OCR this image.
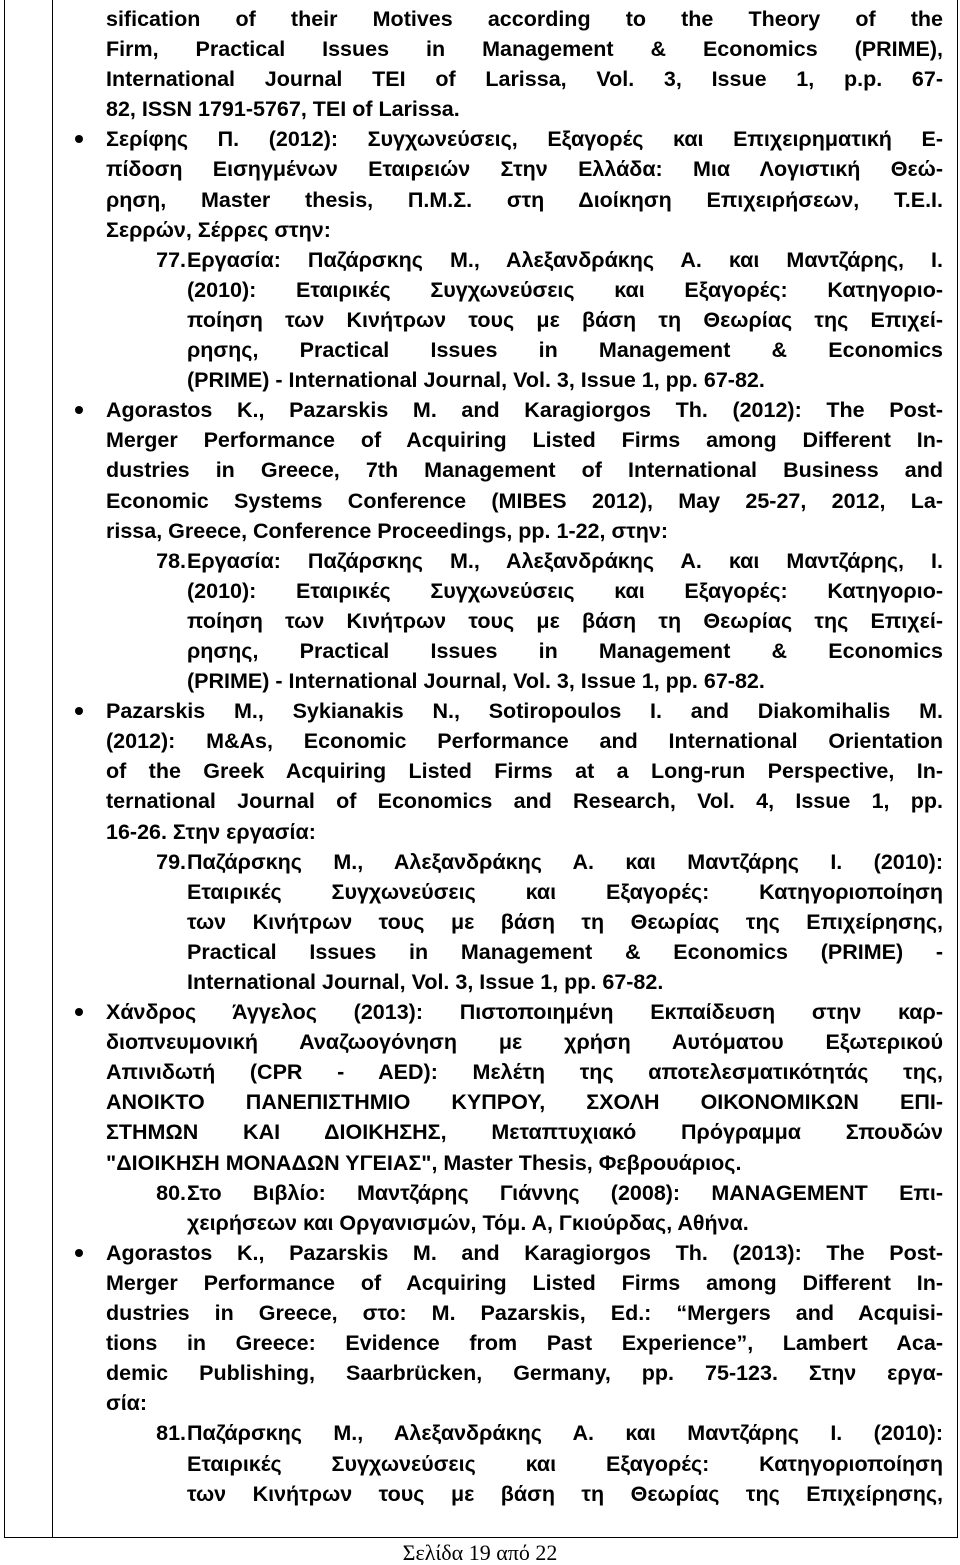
sification of their Motives according to the Theory of the
Firm, Practical Issues in Management & Economics (PRIME),
International Journal TEI of Larissa, Vol. 3, Issue 1, p.p. 67-
82, ISSN 1791-5767, TEI of Larissa.
Σερίφης Π. (2012): Συγχωνεύσεις, Εξαγορές και Επιχειρηματική Ε-
πίδοση Εισηγμένων Εταιρειών Στην Ελλάδα: Μια Λογιστική Θεώ-
ρηση, Master thesis, Π.Μ.Σ. στη Διοίκηση Επιχειρήσεων, Τ.Ε.Ι.
Σερρών, Σέρρες στην:
77. Εργασία: Παζάρσκης Μ., Αλεξανδράκης Α. και Μαντζάρης, Ι.
(2010): Εταιρικές Συγχωνεύσεις και Εξαγορές: Κατηγοριο-
ποίηση των Κινήτρων τους με βάση τη Θεωρίας της Επιχεί-
ρησης, Practical Issues in Management & Economics
(PRIME) - International Journal, Vol. 3, Issue 1, pp. 67-82.
Agorastos K., Pazarskis M. and Karagiorgos Th. (2012): The Post-
Merger Performance of Acquiring Listed Firms among Different In-
dustries in Greece, 7th Management of International Business and
Economic Systems Conference (MIBES 2012), May 25-27, 2012, La-
rissa, Greece, Conference Proceedings, pp. 1-22, στην:
78. Εργασία: Παζάρσκης Μ., Αλεξανδράκης Α. και Μαντζάρης, Ι.
(2010): Εταιρικές Συγχωνεύσεις και Εξαγορές: Κατηγοριο-
ποίηση των Κινήτρων τους με βάση τη Θεωρίας της Επιχεί-
ρησης, Practical Issues in Management & Economics
(PRIME) - International Journal, Vol. 3, Issue 1, pp. 67-82.
Pazarskis M., Sykianakis N., Sotiropoulos I. and Diakomihalis M.
(2012): M&As, Economic Performance and International Orientation
of the Greek Acquiring Listed Firms at a Long-run Perspective, In-
ternational Journal of Economics and Research, Vol. 4, Issue 1, pp.
16-26. Στην εργασία:
79. Παζάρσκης Μ., Αλεξανδράκης Α. και Μαντζάρης Ι. (2010):
Εταιρικές Συγχωνεύσεις και Εξαγορές: Κατηγοριοποίηση
των Κινήτρων τους με βάση τη Θεωρίας της Επιχείρησης,
Practical Issues in Management & Economics (PRIME) -
International Journal, Vol. 3, Issue 1, pp. 67-82.
Χάνδρος Άγγελος (2013): Πιστοποιημένη Εκπαίδευση στην καρ-
διοπνευμονική Αναζωογόνηση με χρήση Αυτόματου Εξωτερικού
Απινιδωτή (CPR - AED): Μελέτη της αποτελεσματικότητάς της,
ΑΝΟΙΚΤΟ ΠΑΝΕΠΙΣΤΗΜΙΟ ΚΥΠΡΟΥ, ΣΧΟΛΗ ΟΙΚΟΝΟΜΙΚΩΝ ΕΠΙ-
ΣΤΗΜΩΝ ΚΑΙ ΔΙΟΙΚΗΣΗΣ, Μεταπτυχιακό Πρόγραμμα Σπουδών
"ΔΙΟΙΚΗΣΗ ΜΟΝΑΔΩΝ ΥΓΕΙΑΣ", Master Thesis, Φεβρουάριος.
80. Στο Βιβλίο: Μαντζάρης Γιάννης (2008): MANAGEMENT Επι-
χειρήσεων και Οργανισμών, Τόμ. Α, Γκιούρδας, Αθήνα.
Agorastos K., Pazarskis M. and Karagiorgos Th. (2013): The Post-
Merger Performance of Acquiring Listed Firms among Different In-
dustries in Greece, στο: M. Pazarskis, Ed.: “Mergers and Acquisi-
tions in Greece: Evidence from Past Experience”, Lambert Aca-
demic Publishing, Saarbrücken, Germany, pp. 75-123. Στην εργα-
σία:
81. Παζάρσκης Μ., Αλεξανδράκης Α. και Μαντζάρης Ι. (2010):
Εταιρικές Συγχωνεύσεις και Εξαγορές: Κατηγοριοποίηση
των Κινήτρων τους με βάση τη Θεωρίας της Επιχείρησης,
Σελίδα 19 από 22
